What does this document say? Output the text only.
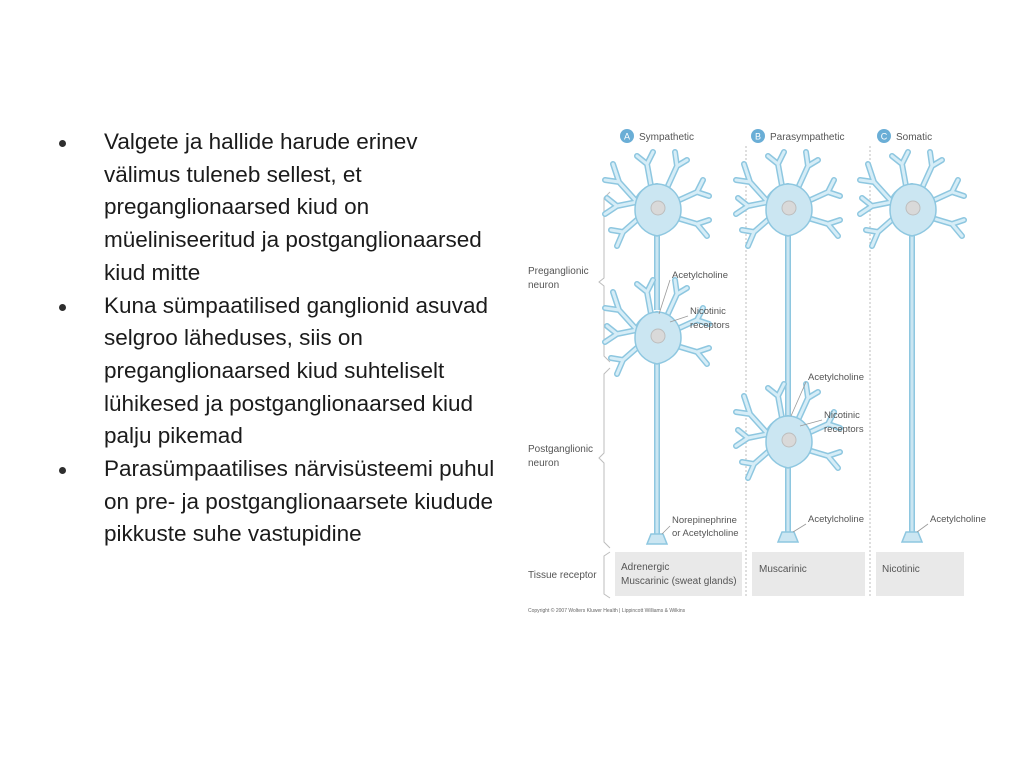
Valgete ja hallide harude erinev välimus tuleneb sellest, et preganglionaarsed kiud on müeliniseeritud ja postganglionaarsed kiud mitte
Kuna sümpaatilised ganglionid asuvad selgroo läheduses, siis on preganglionaarsed kiud suhteliselt lühikesed ja postganglionaarsed kiud palju pikemad
Parasümpaatilises närvisüsteemi puhul on pre- ja postganglionaarsete kiudude pikkuste suhe vastupidine
A Sympathetic	B Parasympathetic	C Somatic
Preganglionic neuron
Postganglionic neuron
Tissue receptor
Acetylcholine
Nicotinic receptors
Norepinephrine or Acetylcholine
Acetylcholine
Nicotinic receptors
Acetylcholine	Acetylcholine
Adrenergic Muscarinic (sweat glands)
Muscarinic	Nicotinic
Copyright © 2007 Wolters Kluwer Health | Lippincott Williams & Wilkins
